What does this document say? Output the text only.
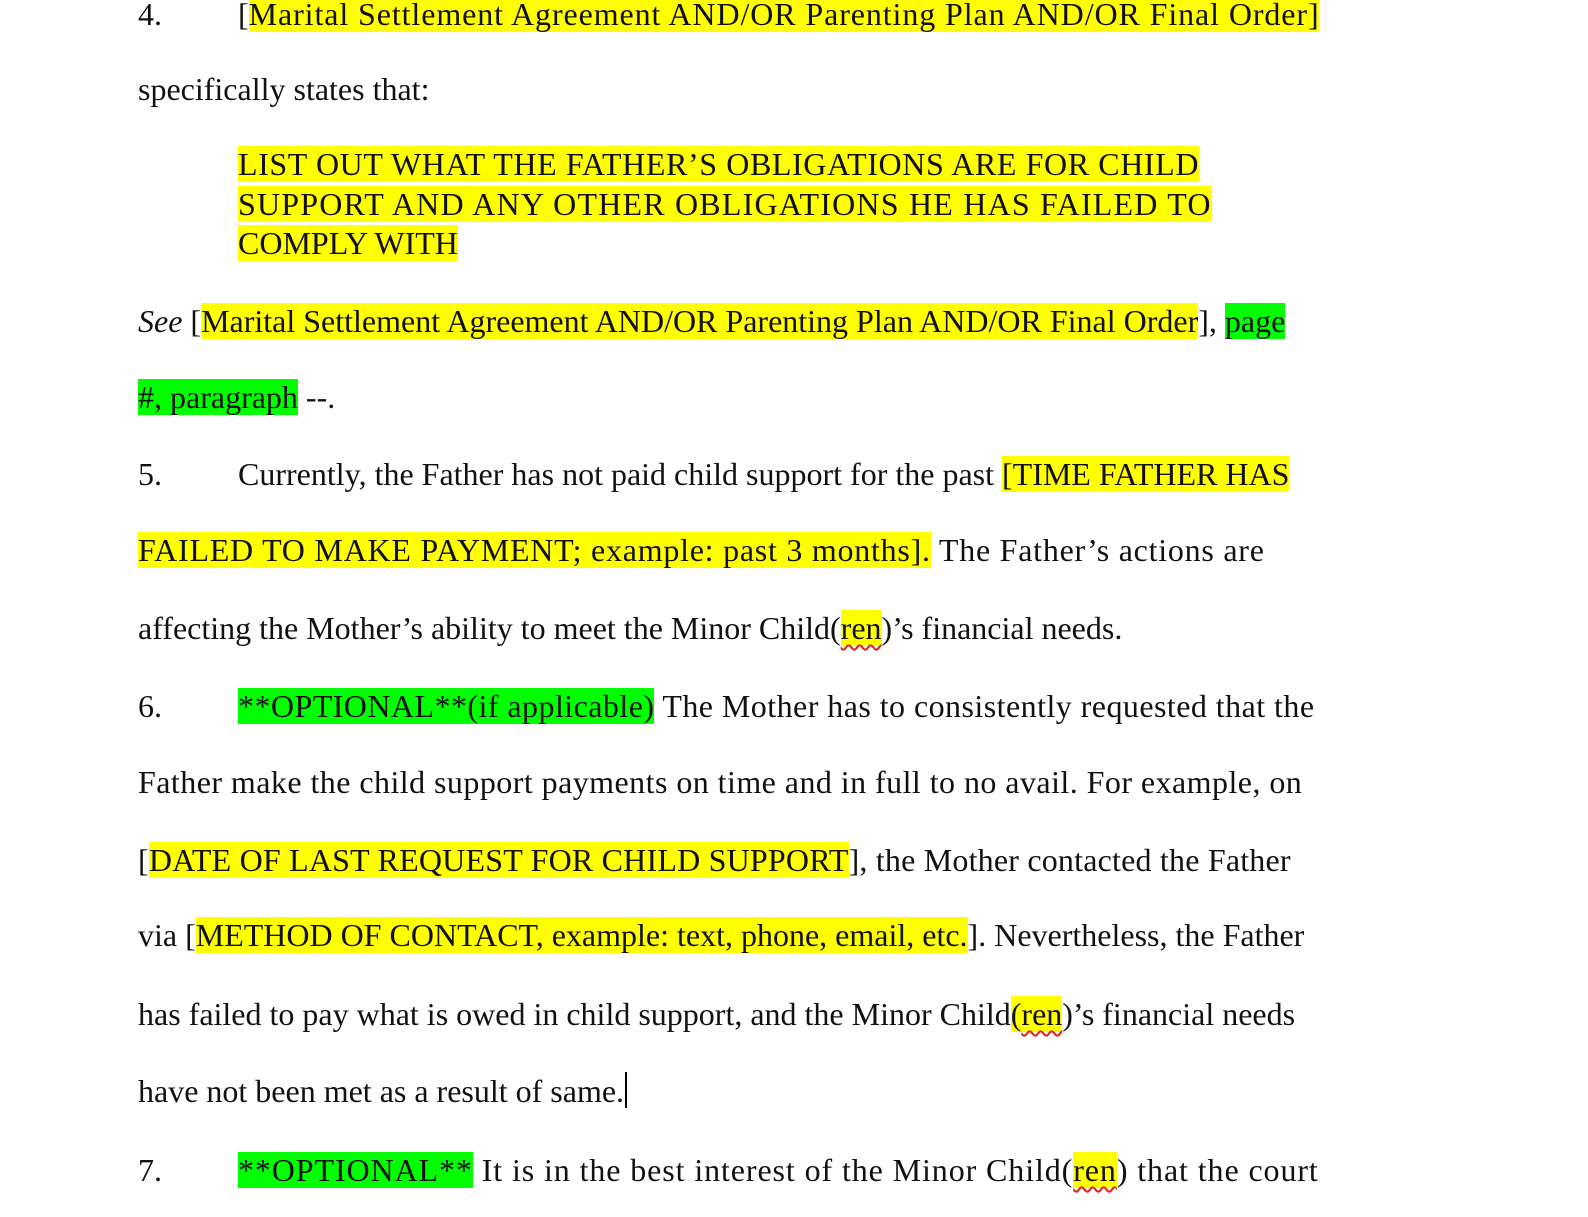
4. [Marital Settlement Agreement AND/OR Parenting Plan AND/OR Final Order]
specifically states that:
LIST OUT WHAT THE FATHER’S OBLIGATIONS ARE FOR CHILD
SUPPORT AND ANY OTHER OBLIGATIONS HE HAS FAILED TO
COMPLY WITH
See [Marital Settlement Agreement AND/OR Parenting Plan AND/OR Final Order], page
#, paragraph --.
5. Currently, the Father has not paid child support for the past [TIME FATHER HAS
FAILED TO MAKE PAYMENT; example: past 3 months]. The Father’s actions are
affecting the Mother’s ability to meet the Minor Child(ren)’s financial needs.
6. **OPTIONAL**(if applicable) The Mother has to consistently requested that the
Father make the child support payments on time and in full to no avail. For example, on
[DATE OF LAST REQUEST FOR CHILD SUPPORT], the Mother contacted the Father
via [METHOD OF CONTACT, example: text, phone, email, etc.]. Nevertheless, the Father
has failed to pay what is owed in child support, and the Minor Child(ren)’s financial needs
have not been met as a result of same.
7. **OPTIONAL** It is in the best interest of the Minor Child(ren) that the court
